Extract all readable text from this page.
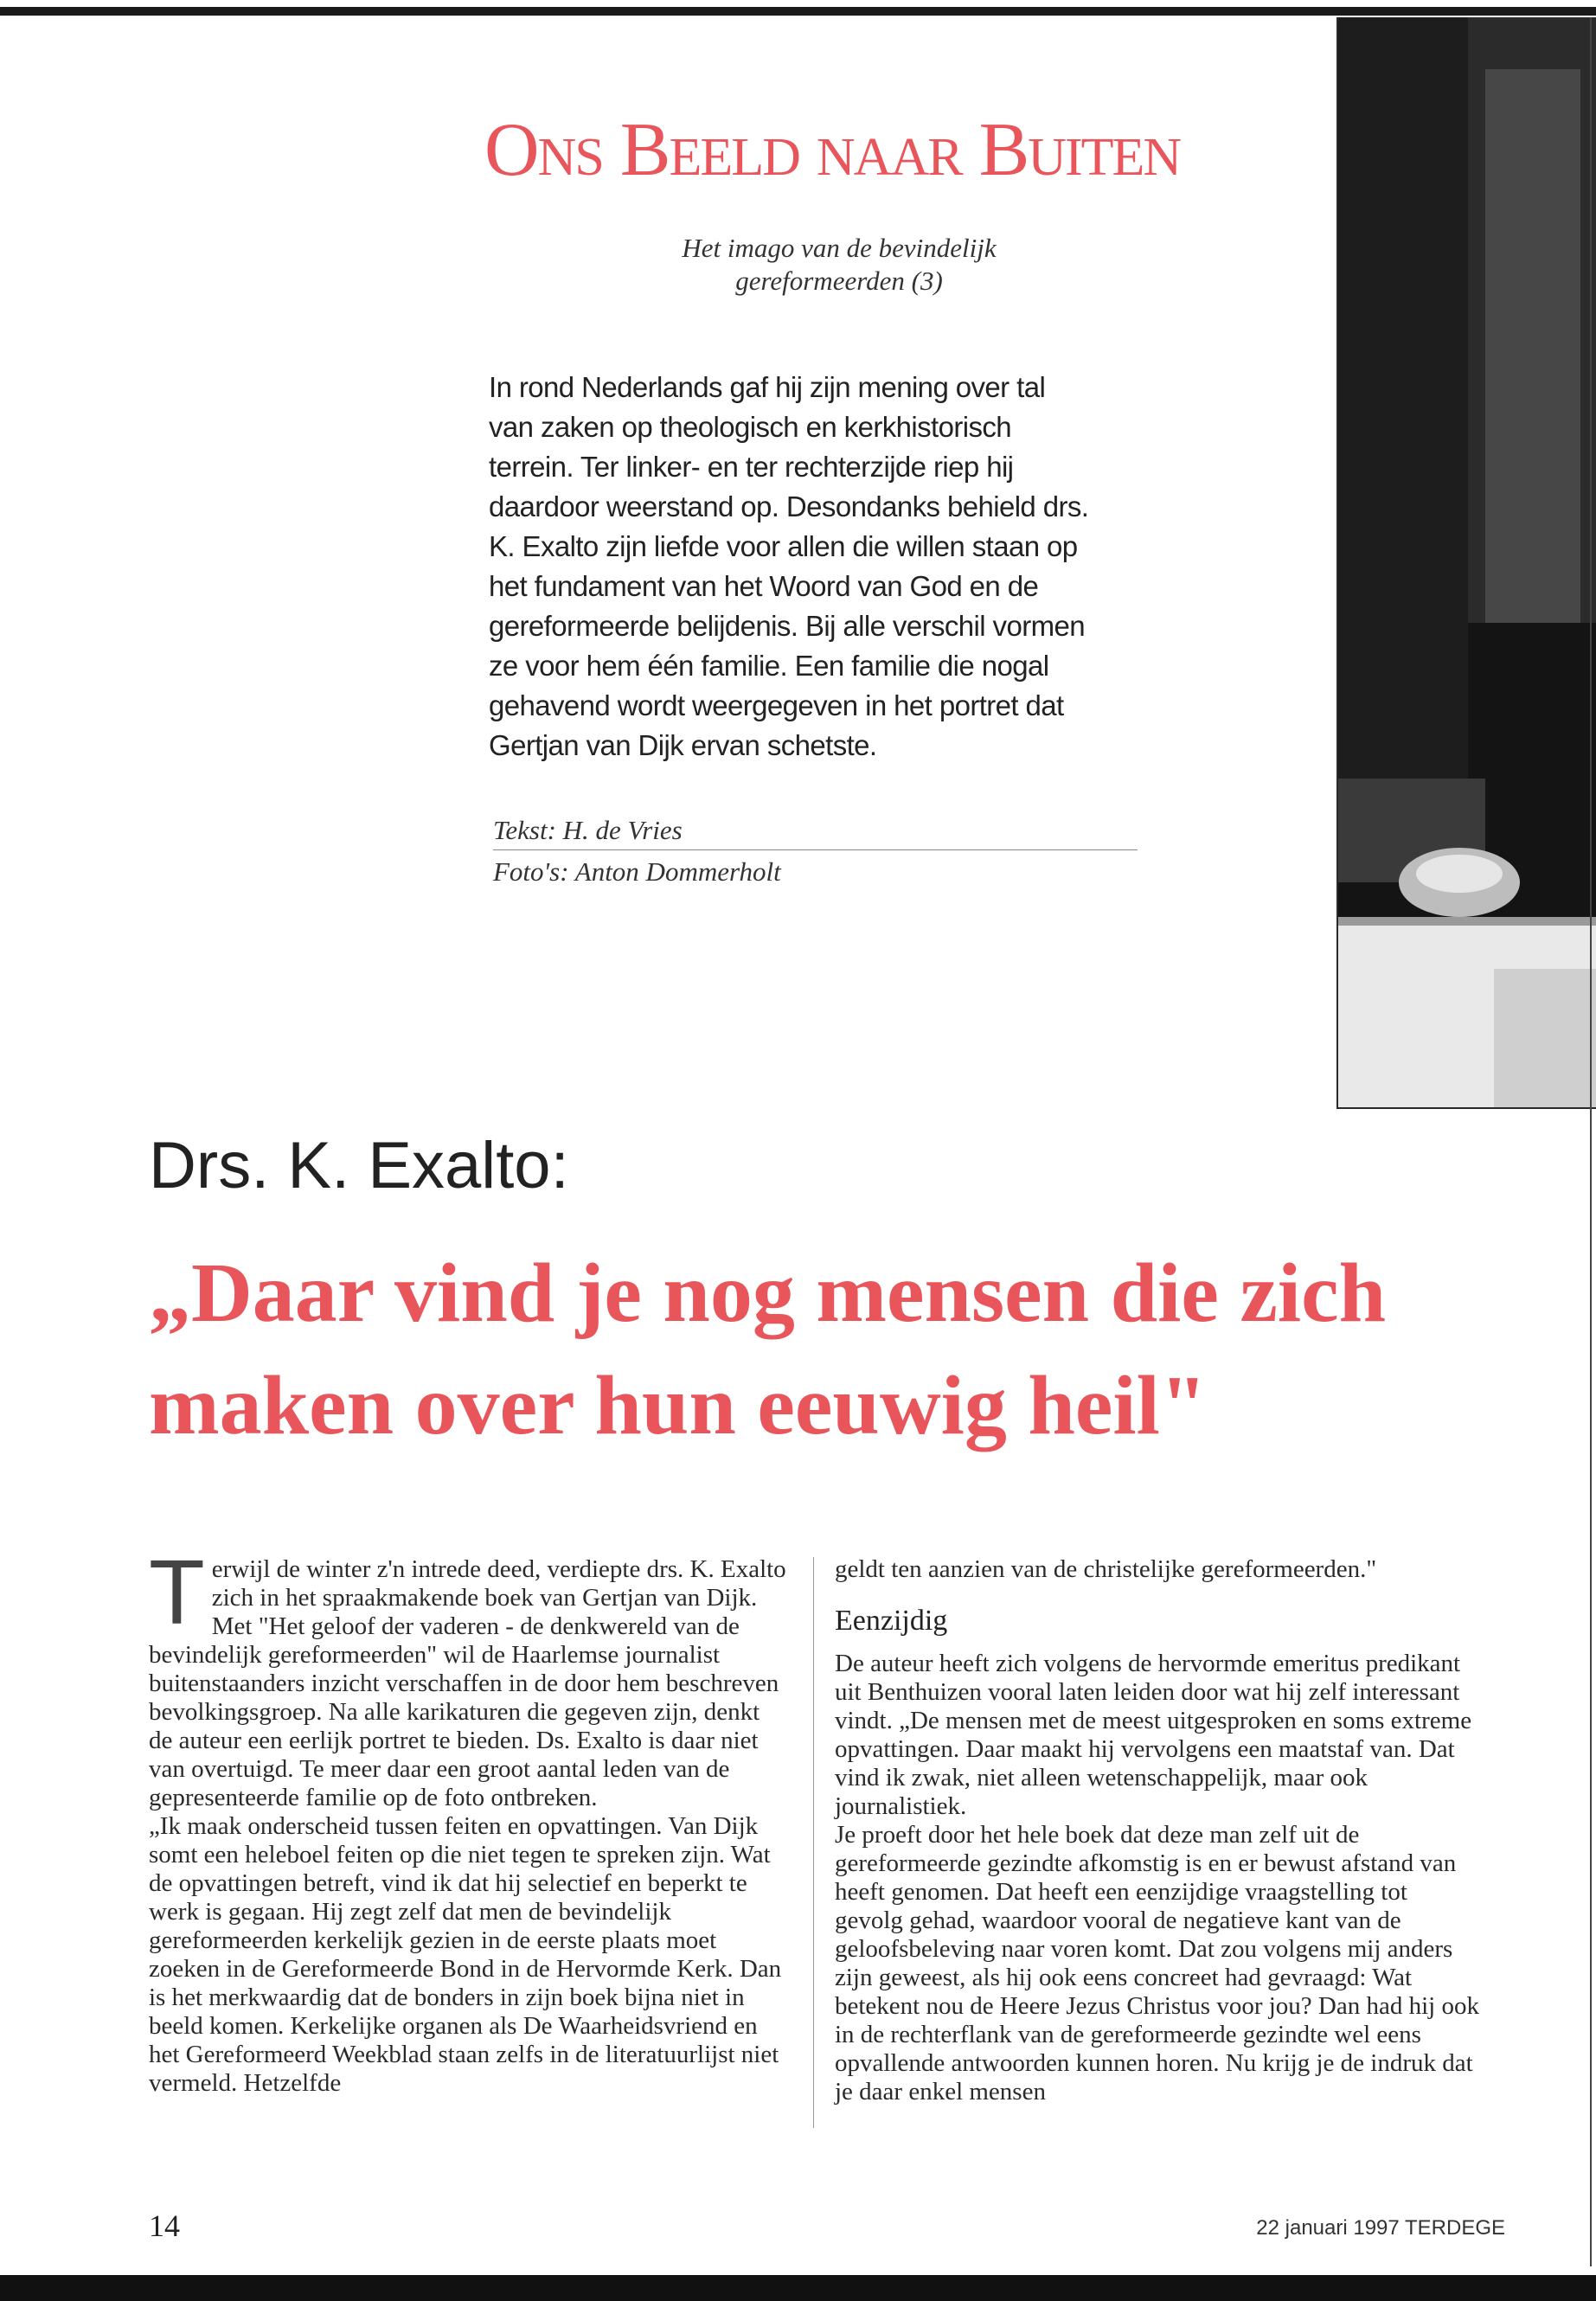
Ons Beeld naar Buiten

Het imago van de bevindelijk gereformeerden (3)

In rond Nederlands gaf hij zijn mening over tal van zaken op theologisch en kerkhistorisch terrein. Ter linker- en ter rechterzijde riep hij daardoor weerstand op. Desondanks behield drs. K. Exalto zijn liefde voor allen die willen staan op het fundament van het Woord van God en de gereformeerde belijdenis. Bij alle verschil vormen ze voor hem één familie. Een familie die nogal gehavend wordt weergegeven in het portret dat Gertjan van Dijk ervan schetste.

Tekst: H. de Vries

Foto's: Anton Dommerholt

Drs. K. Exalto:
„Daar vind je nog mensen die zich
maken over hun eeuwig heil"

Terwijl de winter z'n intrede deed, verdiepte drs. K. Exalto zich in het spraakmakende boek van Gertjan van Dijk. Met "Het geloof der vaderen - de denkwereld van de bevindelijk gereformeerden" wil de Haarlemse journalist buitenstaanders inzicht verschaffen in de door hem beschreven bevolkingsgroep. Na alle karikaturen die gegeven zijn, denkt de auteur een eerlijk portret te bieden. Ds. Exalto is daar niet van overtuigd. Te meer daar een groot aantal leden van de gepresenteerde familie op de foto ontbreken.

„Ik maak onderscheid tussen feiten en opvattingen. Van Dijk somt een heleboel feiten op die niet tegen te spreken zijn. Wat de opvattingen betreft, vind ik dat hij selectief en beperkt te werk is gegaan. Hij zegt zelf dat men de bevindelijk gereformeerden kerkelijk gezien in de eerste plaats moet zoeken in de Gereformeerde Bond in de Hervormde Kerk. Dan is het merkwaardig dat de bonders in zijn boek bijna niet in beeld komen. Kerkelijke organen als De Waarheidsvriend en het Gereformeerd Weekblad staan zelfs in de literatuurlijst niet vermeld. Hetzelfde

geldt ten aanzien van de christelijke gereformeerden."

Eenzijdig

De auteur heeft zich volgens de hervormde emeritus predikant uit Benthuizen vooral laten leiden door wat hij zelf interessant vindt. „De mensen met de meest uitgesproken en soms extreme opvattingen. Daar maakt hij vervolgens een maatstaf van. Dat vind ik zwak, niet alleen wetenschappelijk, maar ook journalistiek.

Je proeft door het hele boek dat deze man zelf uit de gereformeerde gezindte afkomstig is en er bewust afstand van heeft genomen. Dat heeft een eenzijdige vraagstelling tot gevolg gehad, waardoor vooral de negatieve kant van de geloofsbeleving naar voren komt. Dat zou volgens mij anders zijn geweest, als hij ook eens concreet had gevraagd: Wat betekent nou de Heere Jezus Christus voor jou? Dan had hij ook in de rechterflank van de gereformeerde gezindte wel eens opvallende antwoorden kunnen horen. Nu krijg je de indruk dat je daar enkel mensen

14	22 januari 1997 TERDEGE
